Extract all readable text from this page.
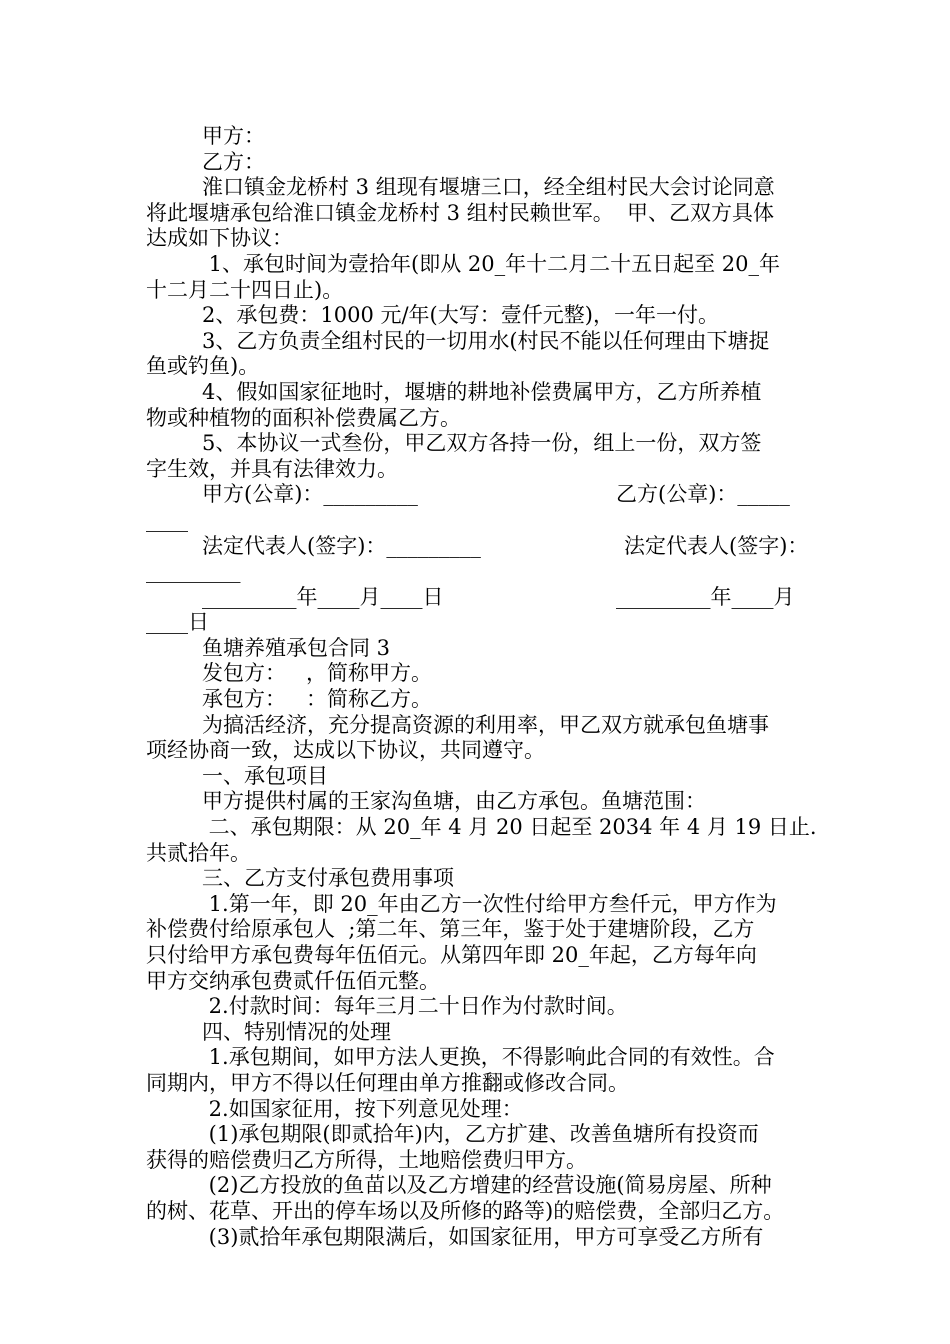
甲方：
乙方：
淮口镇金龙桥村 3 组现有堰塘三口，经全组村民大会讨论同意
将此堰塘承包给淮口镇金龙桥村 3 组村民赖世军。  甲、乙双方具体
达成如下协议：
1、承包时间为壹拾年(即从 20_年十二月二十五日起至 20_年
十二月二十四日止)。
2、承包费：1000 元/年(大写：壹仟元整)，一年一付。
3、乙方负责全组村民的一切用水(村民不能以任何理由下塘捉
鱼或钓鱼)。
4、假如国家征地时，堰塘的耕地补偿费属甲方，乙方所养植
物或种植物的面积补偿费属乙方。
5、本协议一式叁份，甲乙双方各持一份，组上一份，双方签
字生效，并具有法律效力。

甲方(公章)：_________

	乙方(公章)：_____

____

法定代表人(签字)：_________

	法定代表人(签字)：

_________

_________年____月____日

	_________年____月

____日
鱼塘养殖承包合同 3
发包方：   ，简称甲方。
承包方：   ：简称乙方。
为搞活经济，充分提高资源的利用率，甲乙双方就承包鱼塘事
项经协商一致，达成以下协议，共同遵守。
一、承包项目
甲方提供村属的王家沟鱼塘，由乙方承包。鱼塘范围：
二、承包期限：从 20_年 4 月 20 日起至 2034 年 4 月 19 日止.
共贰拾年。
三、乙方支付承包费用事项
1.第一年，即 20_年由乙方一次性付给甲方叁仟元，甲方作为
补偿费付给原承包人  ;第二年、第三年，鉴于处于建塘阶段，乙方
只付给甲方承包费每年伍佰元。从第四年即 20_年起，乙方每年向
甲方交纳承包费贰仟伍佰元整。
2.付款时间：每年三月二十日作为付款时间。
四、特别情况的处理
1.承包期间，如甲方法人更换，不得影响此合同的有效性。合
同期内，甲方不得以任何理由单方推翻或修改合同。
2.如国家征用，按下列意见处理：
(1)承包期限(即贰拾年)内，乙方扩建、改善鱼塘所有投资而
获得的赔偿费归乙方所得，土地赔偿费归甲方。
(2)乙方投放的鱼苗以及乙方增建的经营设施(简易房屋、所种
的树、花草、开出的停车场以及所修的路等)的赔偿费，全部归乙方。
(3)贰拾年承包期限满后，如国家征用，甲方可享受乙方所有
